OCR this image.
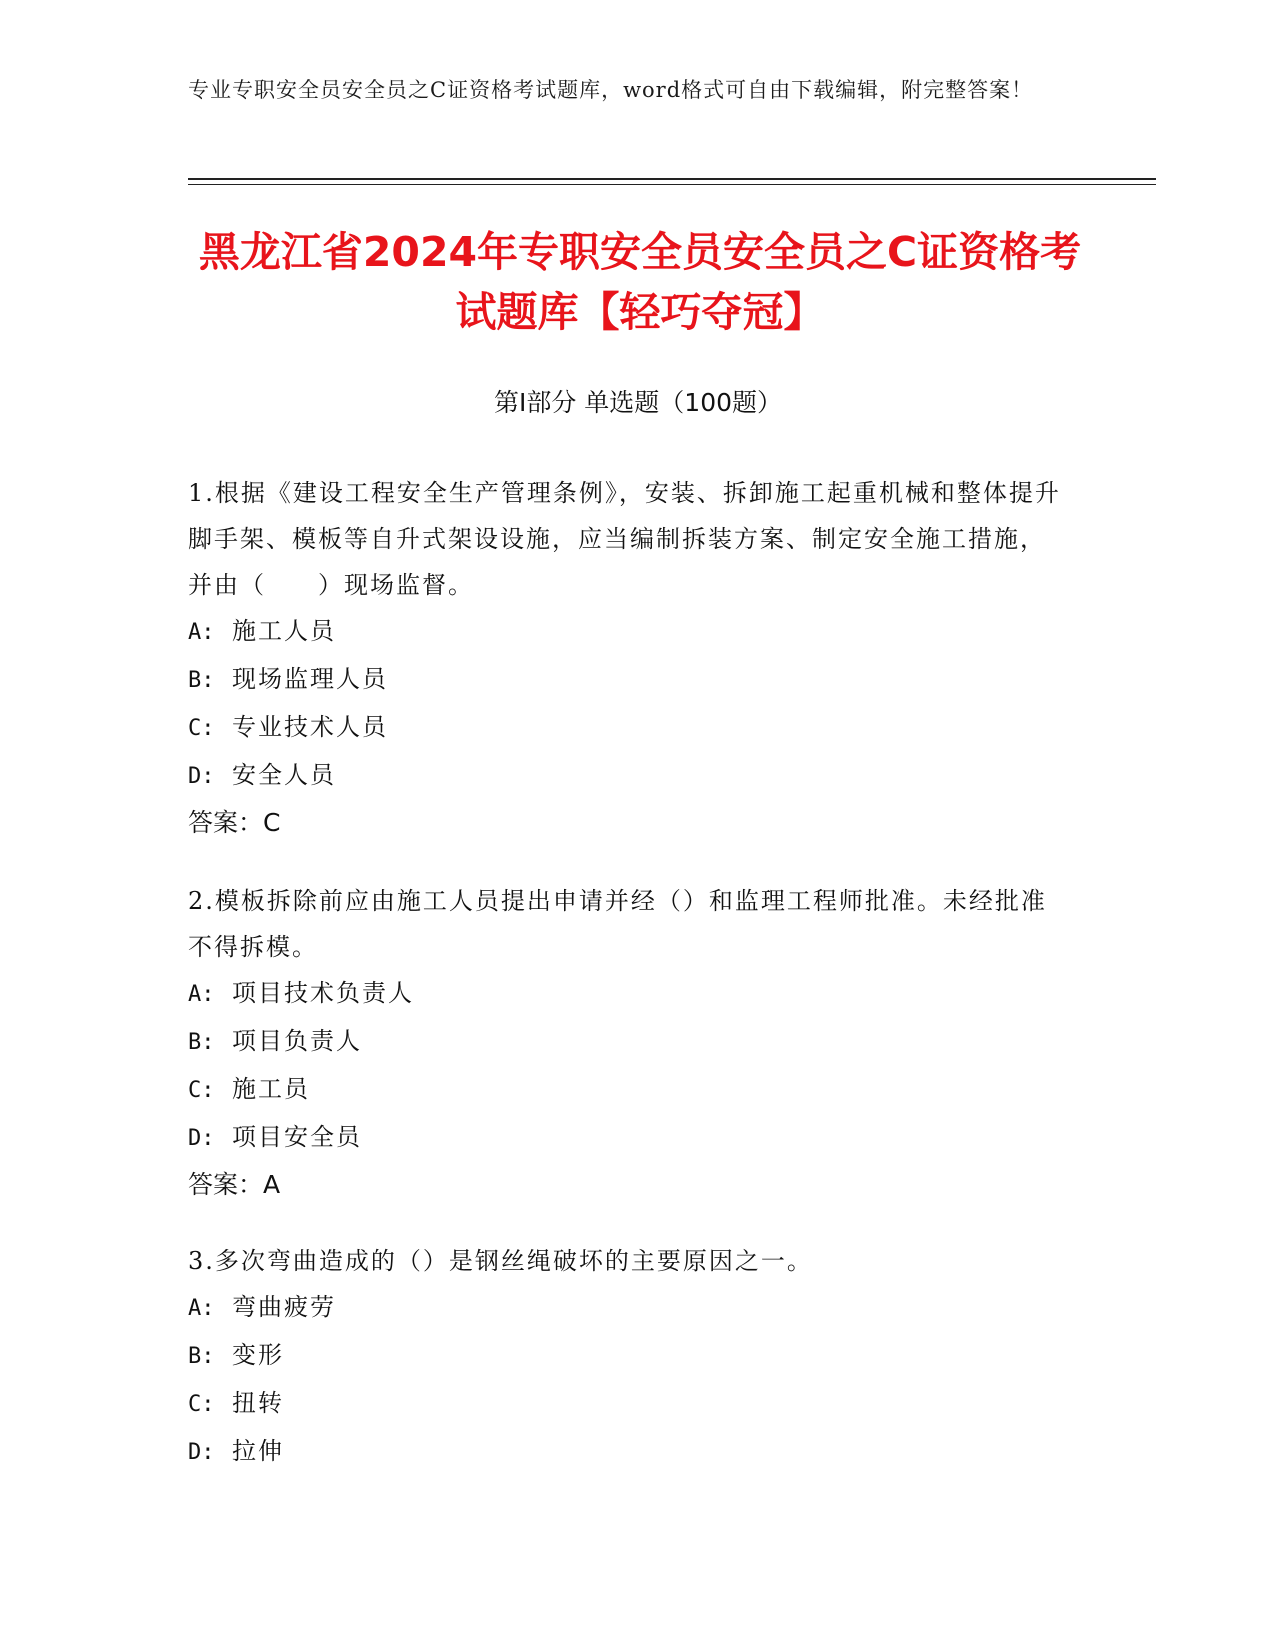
专业专职安全员安全员之C证资格考试题库，word格式可自由下载编辑，附完整答案！
黑龙江省2024年专职安全员安全员之C证资格考试题库【轻巧夺冠】
第Ⅰ部分 单选题（100题）

1.根据《建设工程安全生产管理条例》，安装、拆卸施工起重机械和整体提升脚手架、模板等自升式架设设施，应当编制拆装方案、制定安全施工措施，并由（　　）现场监督。

A: 施工人员

B: 现场监理人员

C: 专业技术人员

D: 安全人员

答案：C

2.模板拆除前应由施工人员提出申请并经（）和监理工程师批准。未经批准不得拆模。

A: 项目技术负责人

B: 项目负责人

C: 施工员

D: 项目安全员

答案：A

3.多次弯曲造成的（）是钢丝绳破坏的主要原因之一。

A: 弯曲疲劳

B: 变形

C: 扭转

D: 拉伸
